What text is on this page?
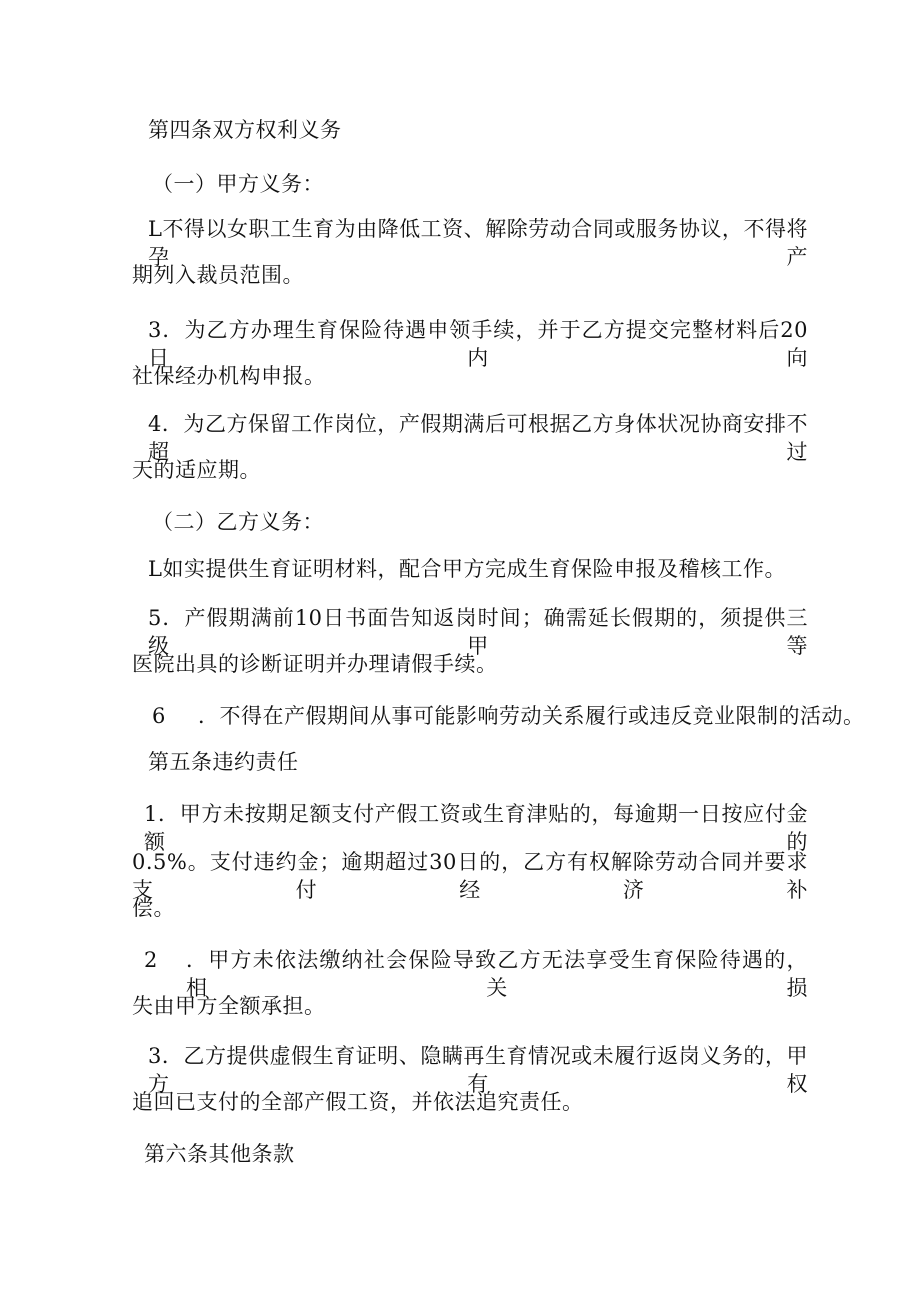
第四条双方权利义务
（一）甲方义务：
L不得以女职工生育为由降低工资、解除劳动合同或服务协议，不得将孕产
期列入裁员范围。
3．为乙方办理生育保险待遇申领手续，并于乙方提交完整材料后20日内向
社保经办机构申报。
4．为乙方保留工作岗位，产假期满后可根据乙方身体状况协商安排不超过
天的适应期。
（二）乙方义务：
L如实提供生育证明材料，配合甲方完成生育保险申报及稽核工作。
5．产假期满前10日书面告知返岗时间；确需延长假期的，须提供三级甲等
医院出具的诊断证明并办理请假手续。
6 ．不得在产假期间从事可能影响劳动关系履行或违反竞业限制的活动。
第五条违约责任
1．甲方未按期足额支付产假工资或生育津贴的，每逾期一日按应付金额的
0.5%。支付违约金；逾期超过30日的，乙方有权解除劳动合同并要求支付经济补
偿。
2 ．甲方未依法缴纳社会保险导致乙方无法享受生育保险待遇的，相关损
失由甲方全额承担。
3．乙方提供虚假生育证明、隐瞒再生育情况或未履行返岗义务的，甲方有权
追回已支付的全部产假工资，并依法追究责任。
第六条其他条款
